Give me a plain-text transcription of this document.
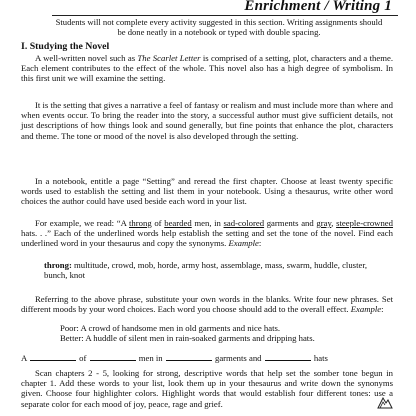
Enrichment / Writing 1
Students will not complete every activity suggested in this section. Writing assignments should be done neatly in a notebook or typed with double spacing.
I. Studying the Novel
A well-written novel such as The Scarlet Letter is comprised of a setting, plot, characters and a theme. Each element contributes to the effect of the whole. This novel also has a high degree of symbolism. In this first unit we will examine the setting.
It is the setting that gives a narrative a feel of fantasy or realism and must include more than where and when events occur. To bring the reader into the story, a successful author must give sufficient details, not just descriptions of how things look and sound generally, but fine points that enhance the plot, characters and theme. The tone or mood of the novel is also developed through the setting.
In a notebook, entitle a page “Setting” and reread the first chapter. Choose at least twenty specific words used to establish the setting and list them in your notebook. Using a thesaurus, write other word choices the author could have used beside each word in your list.
For example, we read: “A throng of bearded men, in sad-colored garments and gray, steeple-crowned hats. . .” Each of the underlined words help establish the setting and set the tone of the novel. Find each underlined word in your thesaurus and copy the synonyms. Example:
throng: multitude, crowd, mob, horde, army host, assemblage, mass, swarm, huddle, cluster, bunch, knot
Referring to the above phrase, substitute your own words in the blanks. Write four new phrases. Set different moods by your word choices. Each word you choose should add to the overall effect. Example:
Poor: A crowd of handsome men in old garments and nice hats.
Better: A huddle of silent men in rain-soaked garments and dripping hats.
A	of	men in	garments and	hats
Scan chapters 2 - 5, looking for strong, descriptive words that help set the somber tone begun in chapter 1. Add these words to your list, look them up in your thesaurus and write down the synonyms given. Choose four highlighter colors. Highlight words that would establish four different tones: use a separate color for each mood of joy, peace, rage and grief.
